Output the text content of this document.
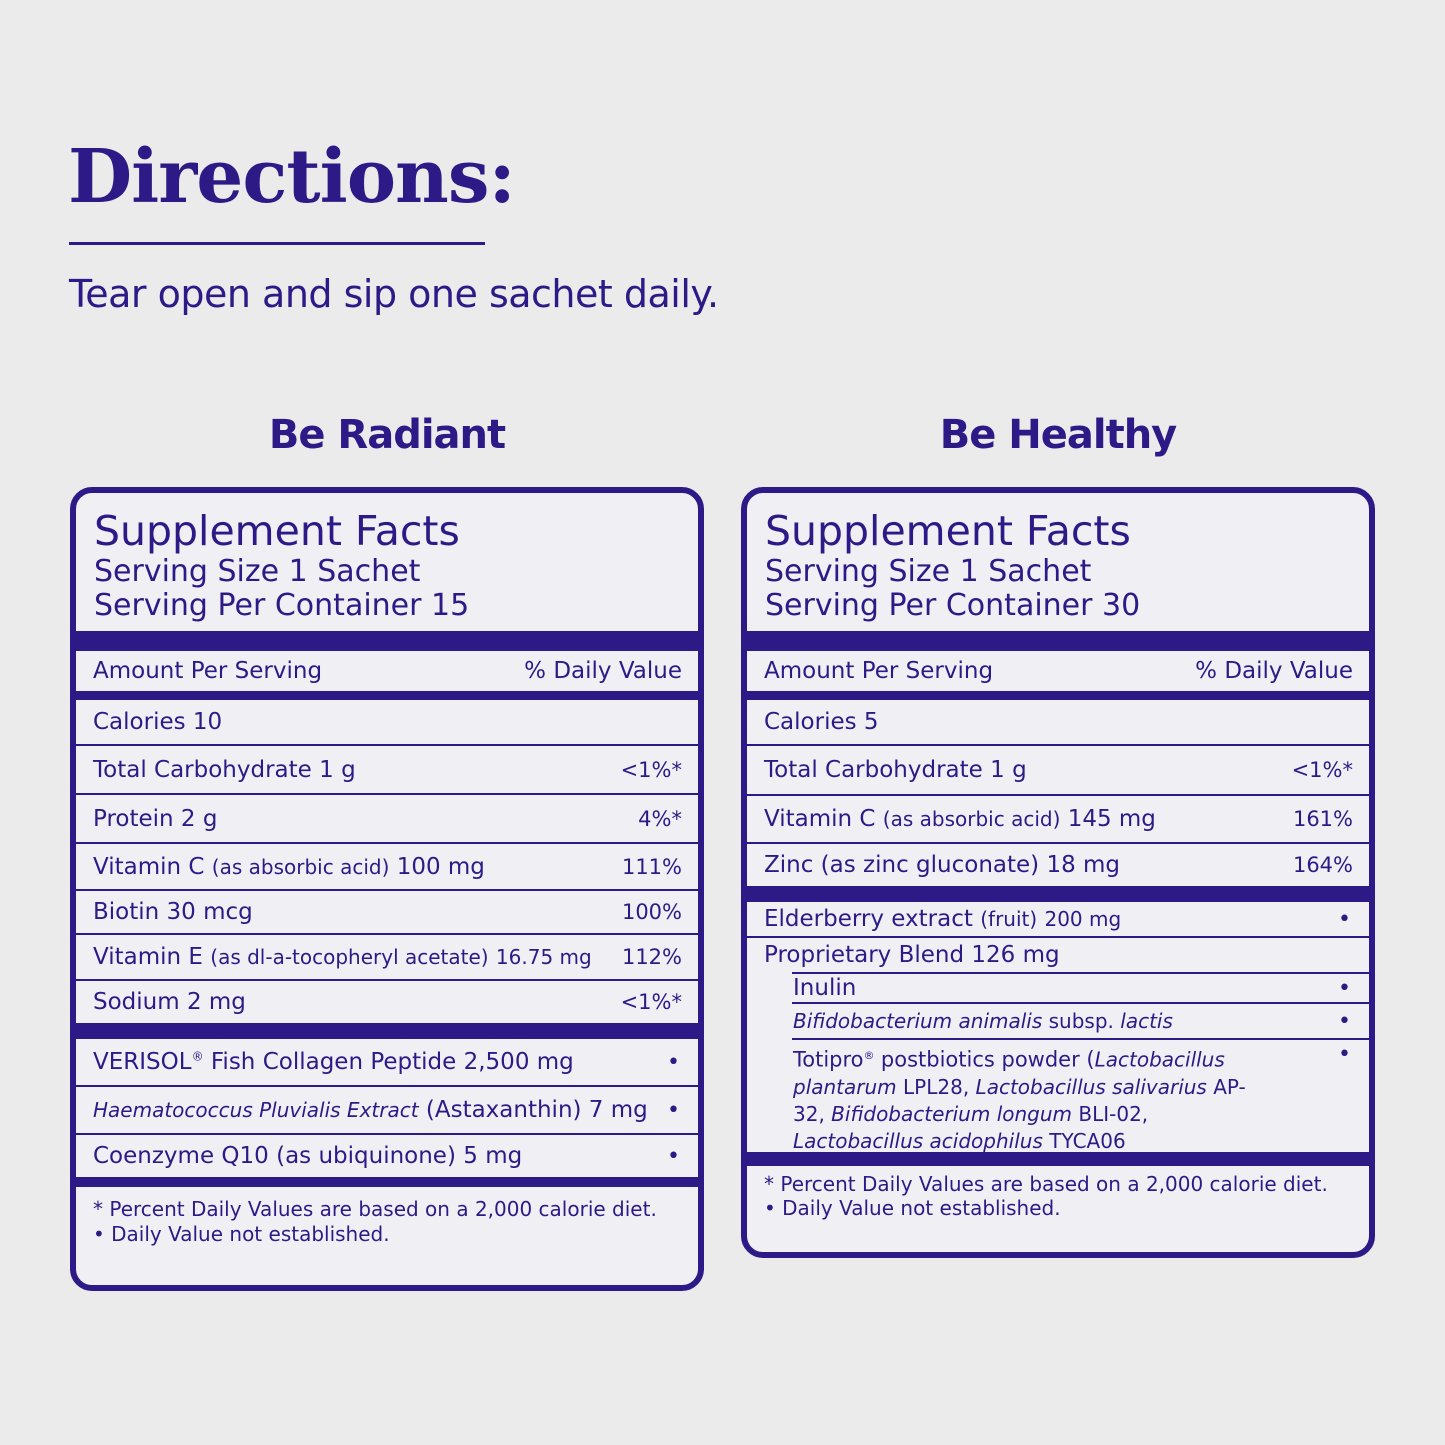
Directions:

Tear open and sip one sachet daily.

Be Radiant
Supplement Facts
Serving Size 1 Sachet
Serving Per Container 15
Amount Per Serving	% Daily Value
Calories 10
Total Carbohydrate 1 g	<1%*
Protein 2 g	4%*
Vitamin C (as absorbic acid) 100 mg	111%
Biotin 30 mcg	100%
Vitamin E (as dl-a-tocopheryl acetate) 16.75 mg 112%
Sodium 2 mg	<1%*
VERISOL® Fish Collagen Peptide 2,500 mg	•
Haematococcus Pluvialis Extract (Astaxanthin) 7 mg •
Coenzyme Q10 (as ubiquinone) 5 mg	•
* Percent Daily Values are based on a 2,000 calorie diet.
• Daily Value not established.
Be Healthy
Supplement Facts
Serving Size 1 Sachet
Serving Per Container 30
Amount Per Serving	% Daily Value
Calories 5
Total Carbohydrate 1 g	<1%*
Vitamin C (as absorbic acid) 145 mg	161%
Zinc (as zinc gluconate) 18 mg	164%
Elderberry extract (fruit) 200 mg	•
Proprietary Blend 126 mg
Inulin	•
Bifidobacterium animalis subsp. lactis	•
Totipro® postbiotics powder (Lactobacillus plantarum LPL28, Lactobacillus salivarius AP-32, Bifidobacterium longum BLI-02, Lactobacillus acidophilus TYCA06
•
* Percent Daily Values are based on a 2,000 calorie diet.
• Daily Value not established.
